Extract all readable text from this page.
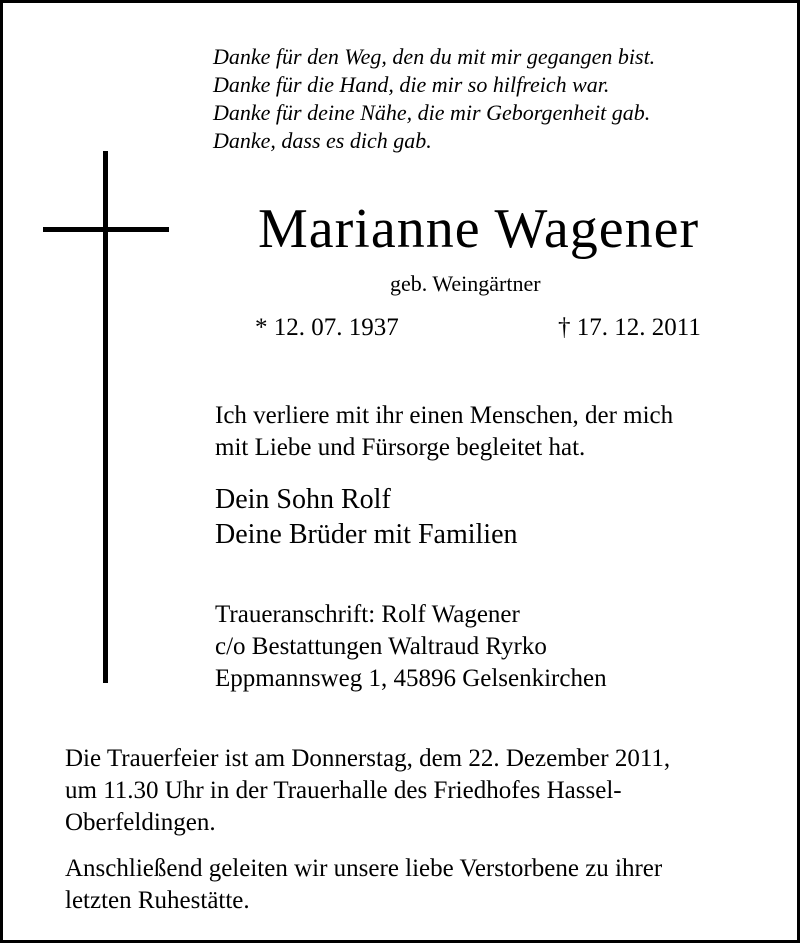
Danke für den Weg, den du mit mir gegangen bist.
Danke für die Hand, die mir so hilfreich war.
Danke für deine Nähe, die mir Geborgenheit gab.
Danke, dass es dich gab.
Marianne Wagener
geb. Weingärtner
* 12. 07. 1937	† 17. 12. 2011
Ich verliere mit ihr einen Menschen, der mich
mit Liebe und Fürsorge begleitet hat.
Dein Sohn Rolf
Deine Brüder mit Familien
Traueranschrift: Rolf Wagener
c/o Bestattungen Waltraud Ryrko
Eppmannsweg 1, 45896 Gelsenkirchen
Die Trauerfeier ist am Donnerstag, dem 22. Dezember 2011,
um 11.30 Uhr in der Trauerhalle des Friedhofes Hassel-
Oberfeldingen.
Anschließend geleiten wir unsere liebe Verstorbene zu ihrer
letzten Ruhestätte.
